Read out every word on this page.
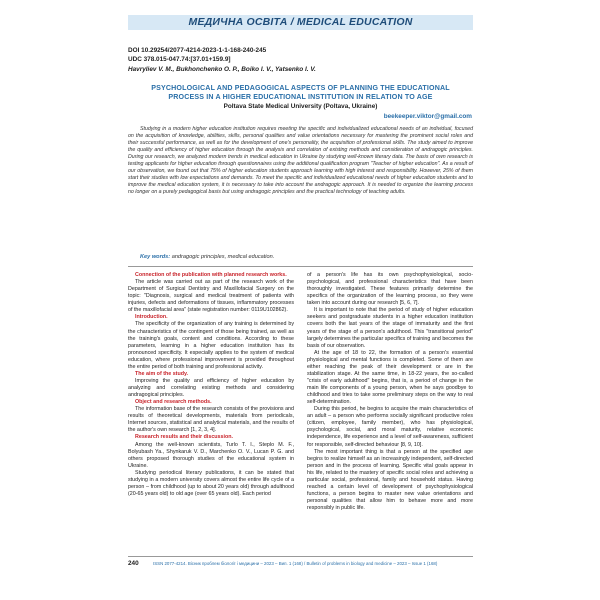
МЕДИЧНА ОСВІТА / MEDICAL EDUCATION
DOI 10.29254/2077-4214-2023-1-1-168-240-245
UDC 378.015-047.74:[37.01+159.9]
Havryliev V. M., Bukhonchenko O. P., Boiko I. V., Yatsenko I. V.
PSYCHOLOGICAL AND PEDAGOGICAL ASPECTS OF PLANNING THE EDUCATIONAL
PROCESS IN A HIGHER EDUCATIONAL INSTITUTION IN RELATION TO AGE
Poltava State Medical University (Poltava, Ukraine)
beekeeper.viktor@gmail.com

Studying in a modern higher education institution requires meeting the specific and individualized educational needs of an individual, focused on the acquisition of knowledge, abilities, skills, personal qualities and value orientations necessary for mastering the prominent social roles and their successful performance, as well as for the development of one's personality, the acquisition of professional skills. The study aimed to improve the quality and efficiency of higher education through the analysis and correlation of existing methods and consideration of andragogic principles. During our research, we analyzed modern trends in medical education in Ukraine by studying well-known literary data. The basis of own research is testing applicants for higher education through questionnaires using the additional qualification program "Teacher of higher education". As a result of our observation, we found out that 75% of higher education students approach learning with high interest and responsibility. However, 25% of them start their studies with low expectations and demands. To meet the specific and individualized educational needs of higher education students and to improve the medical education system, it is necessary to take into account the andragogic approach. It is needed to organize the learning process no longer on a purely pedagogical basis but using andragogic principles and the practical technology of teaching adults.

Key words: andragogic principles, medical education.

Connection of the publication with planned research works.

The article was carried out as part of the research work of the Department of Surgical Dentistry and Maxillofacial Surgery on the topic: "Diagnosis, surgical and medical treatment of patients with injuries, defects and deformations of tissues, inflammatory processes of the maxillofacial area" (state registration number: 0119U102862).

Introduction.

The specificity of the organization of any training is determined by the characteristics of the contingent of those being trained, as well as the training's goals, content and conditions. According to these parameters, learning in a higher education institution has its pronounced specificity. It especially applies to the system of medical education, where professional improvement is provided throughout the entire period of both training and professional activity.

The aim of the study.

Improving the quality and efficiency of higher education by analyzing and correlating existing methods and considering andragogical principles.

Object and research methods.

The information base of the research consists of the provisions and results of theoretical developments, materials from periodicals, Internet sources, statistical and analytical materials, and the results of the author's own research [1, 2, 3, 4].

Research results and their discussion.

Among the well-known scientists, Turlo T. I., Steplo M. F., Bolyubash Ya., Shynkaruk V. D., Marchenko O. V., Lucan P. G. and others proposed thorough studies of the educational system in Ukraine.

Studying periodical literary publications, it can be stated that studying in a modern university covers almost the entire life cycle of a person – from childhood (up to about 20 years old) through adulthood (20-65 years old) to old age (over 65 years old). Each period

of a person's life has its own psychophysiological, socio-psychological, and professional characteristics that have been thoroughly investigated. These features primarily determine the specifics of the organization of the learning process, so they were taken into account during our research [5, 6, 7].

It is important to note that the period of study of higher education seekers and postgraduate students in a higher education institution covers both the last years of the stage of immaturity and the first years of the stage of a person's adulthood. This "transitional period" largely determines the particular specifics of training and becomes the basis of our observation.

At the age of 18 to 22, the formation of a person's essential physiological and mental functions is completed. Some of them are either reaching the peak of their development or are in the stabilization stage. At the same time, in 18-22 years, the so-called "crisis of early adulthood" begins, that is, a period of change in the main life components of a young person, when he says goodbye to childhood and tries to take some preliminary steps on the way to real self-determination.

During this period, he begins to acquire the main characteristics of an adult – a person who performs socially significant productive roles (citizen, employee, family member), who has physiological, psychological, social, and moral maturity, relative economic independence, life experience and a level of self-awareness, sufficient for responsible, self-directed behaviour [8, 9, 10].

The most important thing is that a person at the specified age begins to realize himself as an increasingly independent, self-directed person and in the process of learning. Specific vital goals appear in his life, related to the mastery of specific social roles and achieving a particular social, professional, family and household status. Having reached a certain level of development of psychophysiological functions, a person begins to master new value orientations and personal qualities that allow him to behave more and more responsibly in public life.

240	ISSN 2077-4214. Вісник проблем біології і медицини – 2023 – Вип. 1 (168) / Bulletin of problems in biology and medicine – 2023 – Issue 1 (168)
